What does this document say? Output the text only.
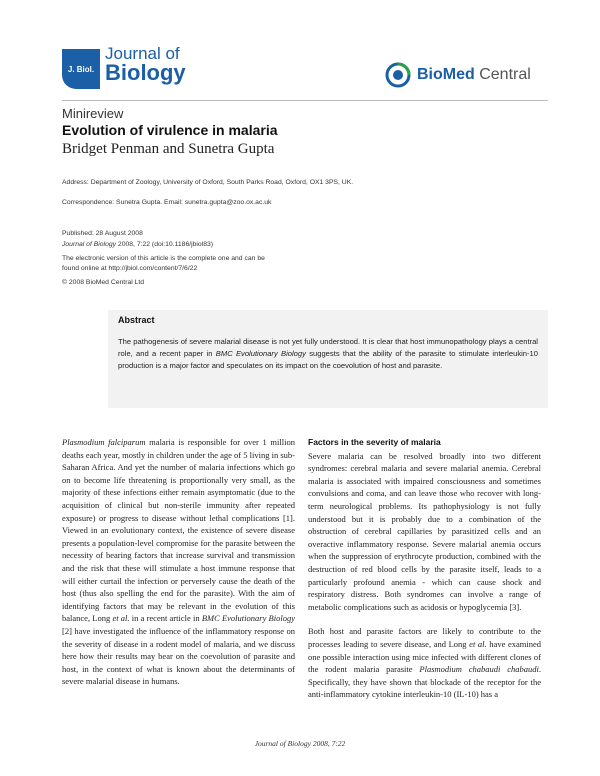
J. Biol.
Journal of
Biology	BioMed Central
Minireview
Evolution of virulence in malaria
Bridget Penman and Sunetra Gupta
Address: Department of Zoology, University of Oxford, South Parks Road, Oxford, OX1 3PS, UK.
Correspondence: Sunetra Gupta. Email: sunetra.gupta@zoo.ox.ac.uk
Published: 28 August 2008
Journal of Biology 2008, 7:22 (doi:10.1186/jbiol83)
The electronic version of this article is the complete one and can be
found online at http://jbiol.com/content/7/6/22
© 2008 BioMed Central Ltd
Abstract
The pathogenesis of severe malarial disease is not yet fully understood. It is clear that host immunopathology plays a central role, and a recent paper in BMC Evolutionary Biology suggests that the ability of the parasite to stimulate interleukin-10 production is a major factor and speculates on its impact on the coevolution of host and parasite.

Plasmodium falciparum malaria is responsible for over 1 million deaths each year, mostly in children under the age of 5 living in sub-Saharan Africa. And yet the number of malaria infections which go on to become life threatening is proportionally very small, as the majority of these infections either remain asymptomatic (due to the acquisition of clinical but non-sterile immunity after repeated exposure) or progress to disease without lethal complications [1]. Viewed in an evolutionary context, the existence of severe disease presents a population-level compromise for the parasite between the necessity of bearing factors that increase survival and transmission and the risk that these will stimulate a host immune response that will either curtail the infection or perversely cause the death of the host (thus also spelling the end for the parasite). With the aim of identifying factors that may be relevant in the evolution of this balance, Long et al. in a recent article in BMC Evolutionary Biology [2] have investigated the influence of the inflammatory response on the severity of disease in a rodent model of malaria, and we discuss here how their results may bear on the coevolution of parasite and host, in the context of what is known about the determinants of severe malarial disease in humans.

Factors in the severity of malaria

Severe malaria can be resolved broadly into two different syndromes: cerebral malaria and severe malarial anemia. Cerebral malaria is associated with impaired consciousness and sometimes convulsions and coma, and can leave those who recover with long-term neurological problems. Its pathophysiology is not fully understood but it is probably due to a combination of the obstruction of cerebral capillaries by parasitized cells and an overactive inflammatory response. Severe malarial anemia occurs when the suppression of erythrocyte production, combined with the destruction of red blood cells by the parasite itself, leads to a particularly profound anemia - which can cause shock and respiratory distress. Both syndromes can involve a range of metabolic complications such as acidosis or hypoglycemia [3].

Both host and parasite factors are likely to contribute to the processes leading to severe disease, and Long et al. have examined one possible interaction using mice infected with different clones of the rodent malaria parasite Plasmodium chabaudi chabaudi. Specifically, they have shown that blockade of the receptor for the anti-inflammatory cytokine interleukin-10 (IL-10) has a

Journal of Biology 2008, 7:22
